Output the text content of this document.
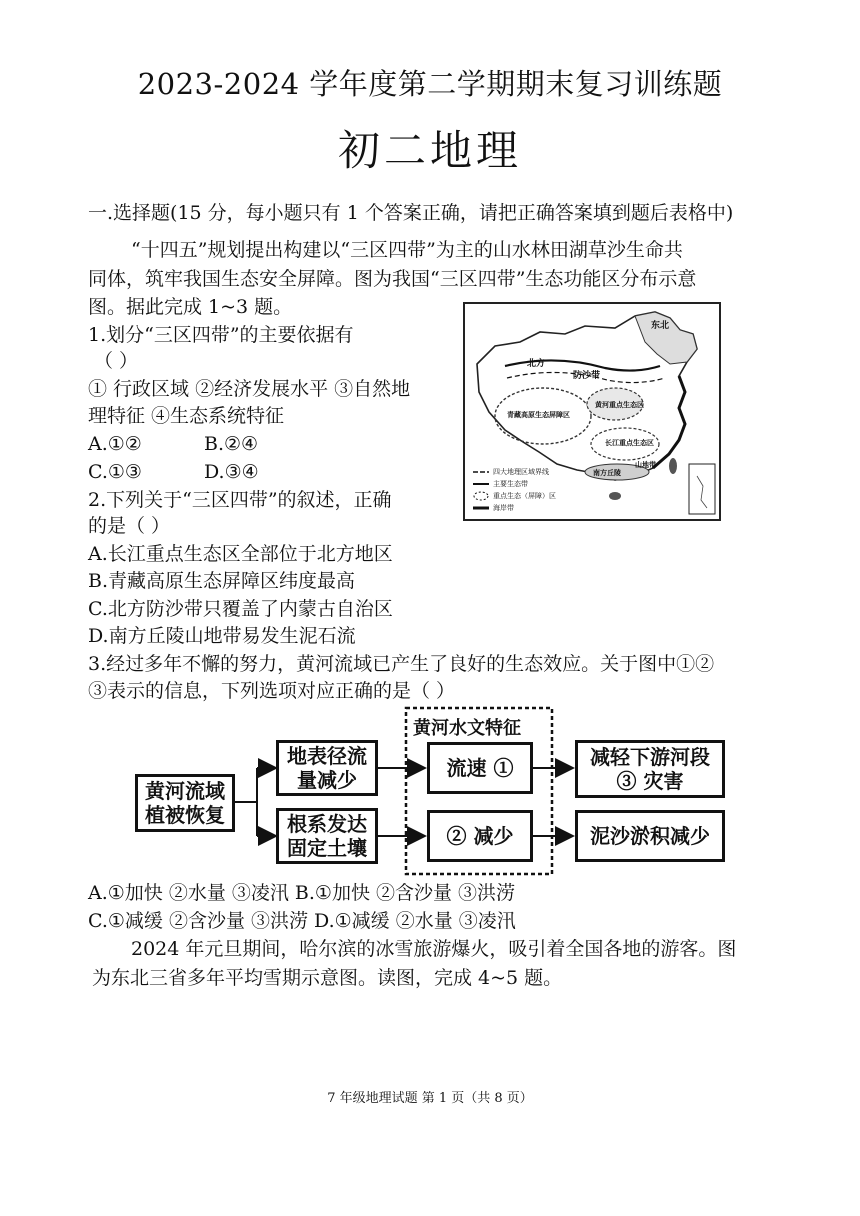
2023-2024 学年度第二学期期末复习训练题
初二地理
一.选择题(15 分，每小题只有 1 个答案正确，请把正确答案填到题后表格中)
“十四五”规划提出构建以“三区四带”为主的山水林田湖草沙生命共
同体，筑牢我国生态安全屏障。图为我国“三区四带”生态功能区分布示意
图。据此完成 1~3 题。
1.划分“三区四带”的主要依据有
（ ）
① 行政区域 ②经济发展水平 ③自然地
理特征 ④生态系统特征
A.①②	B.②④
C.①③	D.③④
2.下列关于“三区四带”的叙述，正确
的是（ ）
A.长江重点生态区全部位于北方地区
B.青藏高原生态屏障区纬度最高
C.北方防沙带只覆盖了内蒙古自治区
D.南方丘陵山地带易发生泥石流
3.经过多年不懈的努力，黄河流域已产生了良好的生态效应。关于图中①②
③表示的信息，下列选项对应正确的是（ ）
东北
北方
防沙带
青藏高原生态屏障区
黄河重点生态区
长江重点生态区
山地带
南方丘陵
四大地理区域界线
主要生态带
重点生态（屏障）区
海岸带
黄河水文特征
黄河流域
植被恢复
地表径流
量减少
根系发达
固定土壤
流速 ①
② 减少
减轻下游河段
③ 灾害
泥沙淤积减少
A.①加快 ②水量 ③凌汛 B.①加快 ②含沙量 ③洪涝
C.①减缓 ②含沙量 ③洪涝 D.①减缓 ②水量 ③凌汛
2024 年元旦期间，哈尔滨的冰雪旅游爆火，吸引着全国各地的游客。图
为东北三省多年平均雪期示意图。读图，完成 4~5 题。
7 年级地理试题 第 1 页（共 8 页）
